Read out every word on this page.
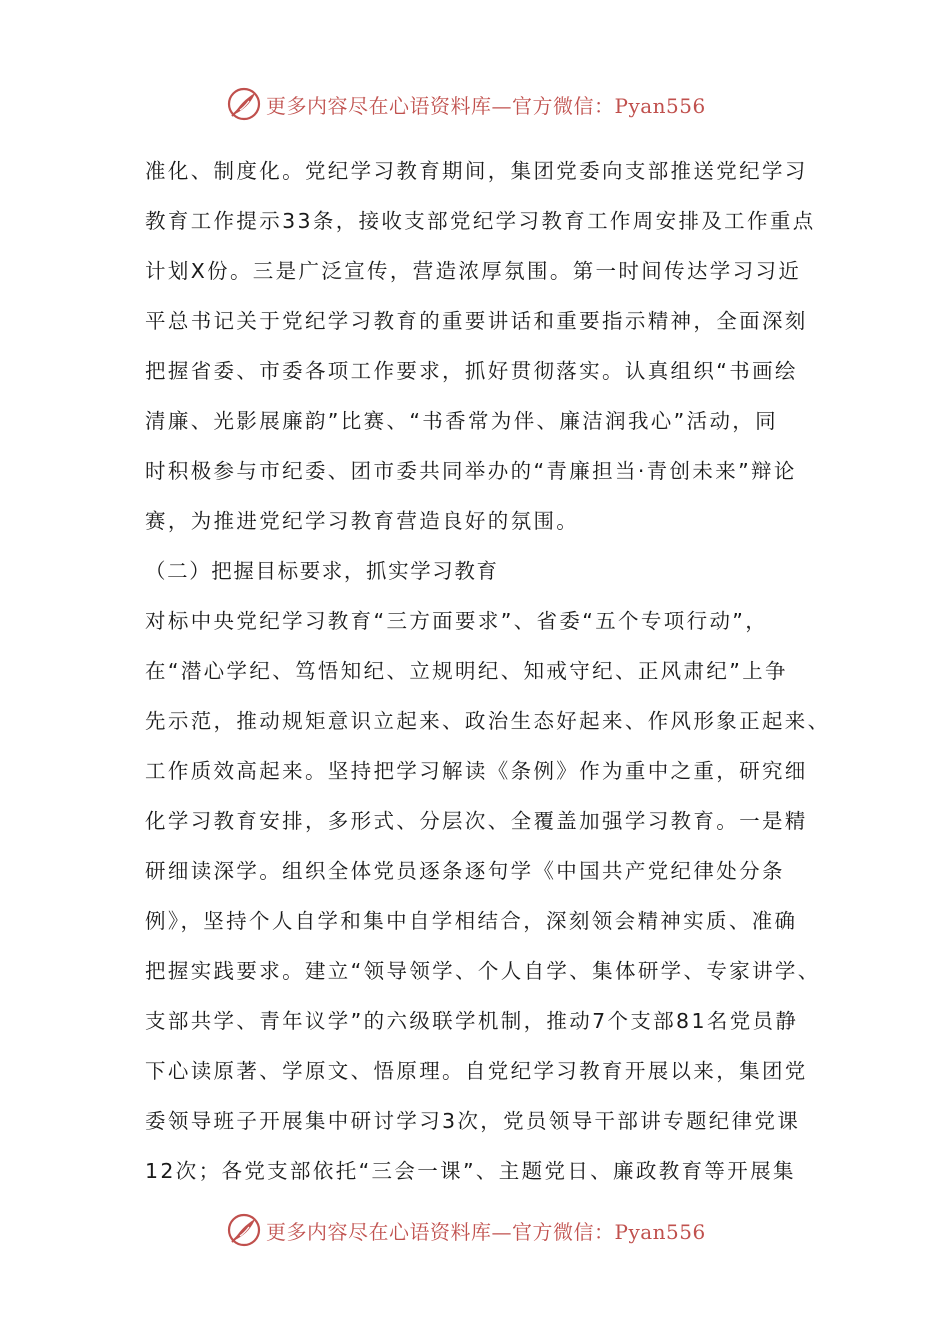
更多内容尽在心语资料库—官方微信：Pyan556
准化、制度化。党纪学习教育期间，集团党委向支部推送党纪学习
教育工作提示33条，接收支部党纪学习教育工作周安排及工作重点
计划X份。三是广泛宣传，营造浓厚氛围。第一时间传达学习习近
平总书记关于党纪学习教育的重要讲话和重要指示精神，全面深刻
把握省委、市委各项工作要求，抓好贯彻落实。认真组织“书画绘
清廉、光影展廉韵”比赛、“书香常为伴、廉洁润我心”活动，同
时积极参与市纪委、团市委共同举办的“青廉担当·青创未来”辩论
赛，为推进党纪学习教育营造良好的氛围。
（二）把握目标要求，抓实学习教育
对标中央党纪学习教育“三方面要求”、省委“五个专项行动”，
在“潜心学纪、笃悟知纪、立规明纪、知戒守纪、正风肃纪”上争
先示范，推动规矩意识立起来、政治生态好起来、作风形象正起来、
工作质效高起来。坚持把学习解读《条例》作为重中之重，研究细
化学习教育安排，多形式、分层次、全覆盖加强学习教育。一是精
研细读深学。组织全体党员逐条逐句学《中国共产党纪律处分条
例》，坚持个人自学和集中自学相结合，深刻领会精神实质、准确
把握实践要求。建立“领导领学、个人自学、集体研学、专家讲学、
支部共学、青年议学”的六级联学机制，推动7个支部81名党员静
下心读原著、学原文、悟原理。自党纪学习教育开展以来，集团党
委领导班子开展集中研讨学习3次，党员领导干部讲专题纪律党课
12次；各党支部依托“三会一课”、主题党日、廉政教育等开展集
更多内容尽在心语资料库—官方微信：Pyan556
